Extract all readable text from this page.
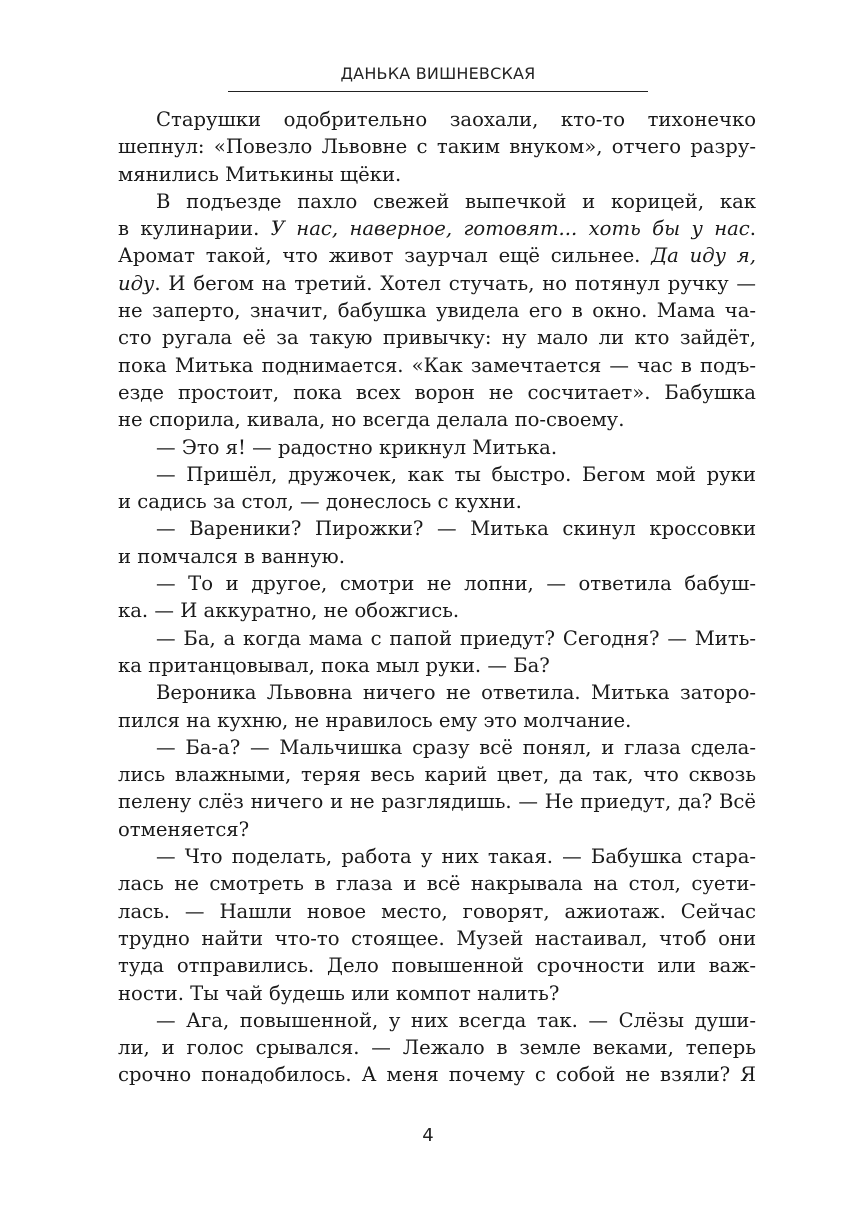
ДАНЬКА ВИШНЕВСКАЯ
Старушки одобрительно заохали, кто-то тихонечко
шепнул: «Повезло Львовне с таким внуком», отчего разру-
мянились Митькины щёки.
В подъезде пахло свежей выпечкой и корицей, как
в кулинарии. У нас, наверное, готовят... хоть бы у нас.
Аромат такой, что живот заурчал ещё сильнее. Да иду я,
иду. И бегом на третий. Хотел стучать, но потянул ручку —
не заперто, значит, бабушка увидела его в окно. Мама ча-
сто ругала её за такую привычку: ну мало ли кто зайдёт,
пока Митька поднимается. «Как замечтается — час в подъ-
езде простоит, пока всех ворон не сосчитает». Бабушка
не спорила, кивала, но всегда делала по-своему.
— Это я! — радостно крикнул Митька.
— Пришёл, дружочек, как ты быстро. Бегом мой руки
и садись за стол, — донеслось с кухни.
— Вареники? Пирожки? — Митька скинул кроссовки
и помчался в ванную.
— То и другое, смотри не лопни, — ответила бабуш-
ка. — И аккуратно, не обожгись.
— Ба, а когда мама с папой приедут? Сегодня? — Мить-
ка пританцовывал, пока мыл руки. — Ба?
Вероника Львовна ничего не ответила. Митька заторо-
пился на кухню, не нравилось ему это молчание.
— Ба-а? — Мальчишка сразу всё понял, и глаза сдела-
лись влажными, теряя весь карий цвет, да так, что сквозь
пелену слёз ничего и не разглядишь. — Не приедут, да? Всё
отменяется?
— Что поделать, работа у них такая. — Бабушка стара-
лась не смотреть в глаза и всё накрывала на стол, суети-
лась. — Нашли новое место, говорят, ажиотаж. Сейчас
трудно найти что-то стоящее. Музей настаивал, чтоб они
туда отправились. Дело повышенной срочности или важ-
ности. Ты чай будешь или компот налить?
— Ага, повышенной, у них всегда так. — Слёзы души-
ли, и голос срывался. — Лежало в земле веками, теперь
срочно понадобилось. А меня почему с собой не взяли? Я
4
